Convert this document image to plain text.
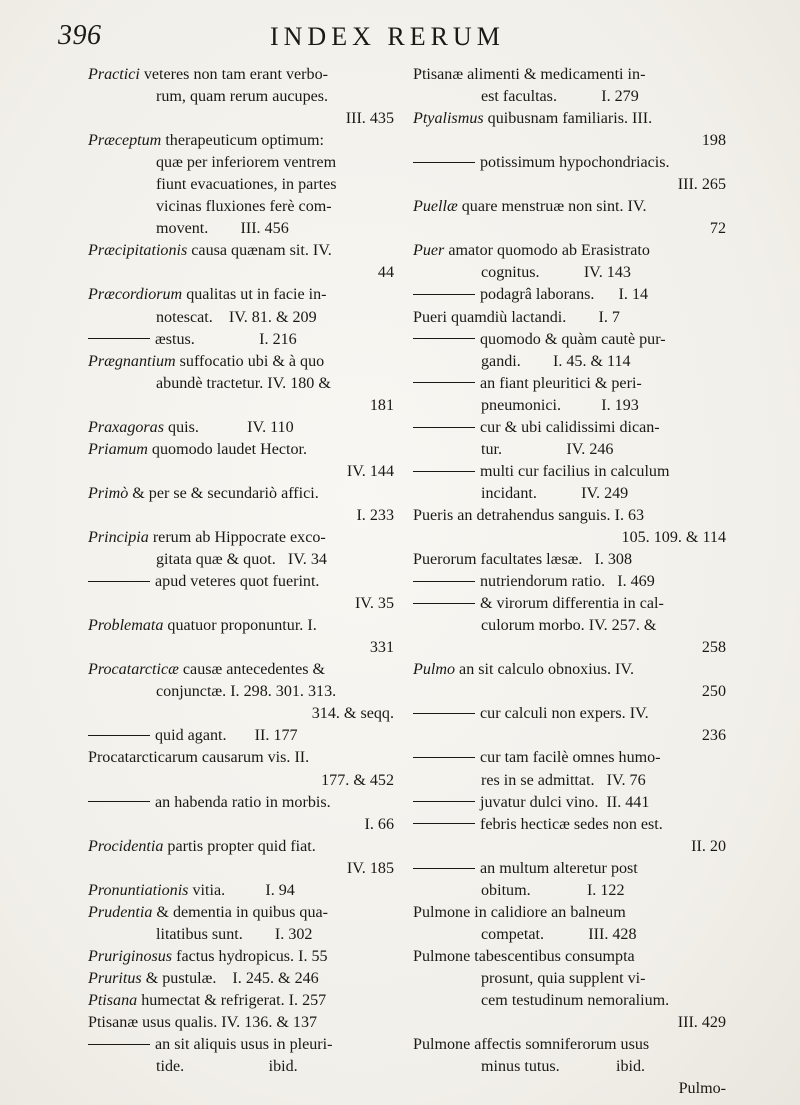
396	INDEX RERUM
Practici veteres non tam erant verbo-
rum, quam rerum aucupes.
III. 435
Præceptum therapeuticum optimum:
quæ per inferiorem ventrem
fiunt evacuationes, in partes
vicinas fluxiones ferè com-
movent.        III. 456
Præcipitationis causa quænam sit. IV.
44
Præcordiorum qualitas ut in facie in-
notescat.    IV. 81. & 209
æstus.                I. 216
Prægnantium suffocatio ubi & à quo
abundè tractetur. IV. 180 &
181
Praxagoras quis.            IV. 110
Priamum quomodo laudet Hector.
IV. 144
Primò & per se & secundariò affici.
I. 233
Principia rerum ab Hippocrate exco-
gitata quæ & quot.   IV. 34
apud veteres quot fuerint.
IV. 35
Problemata quatuor proponuntur. I.
331
Procatarcticæ causæ antecedentes &
conjunctæ. I. 298. 301. 313.
314. & seqq.
quid agant.       II. 177
Procatarcticarum causarum vis. II.
177. & 452
an habenda ratio in morbis.
I. 66
Procidentia partis propter quid fiat.
IV. 185
Pronuntiationis vitia.          I. 94
Prudentia & dementia in quibus qua-
litatibus sunt.        I. 302
Pruriginosus factus hydropicus. I. 55
Pruritus & pustulæ.    I. 245. & 246
Ptisana humectat & refrigerat. I. 257
Ptisanæ usus qualis. IV. 136. & 137
an sit aliquis usus in pleuri-
tide.                     ibid.
Ptisanæ alimenti & medicamenti in-
est facultas.           I. 279
Ptyalismus quibusnam familiaris. III.
198
potissimum hypochondriacis.
III. 265
Puellæ quare menstruæ non sint. IV.
72
Puer amator quomodo ab Erasistrato
cognitus.           IV. 143
podagrâ laborans.      I. 14
Pueri quamdiù lactandi.        I. 7
quomodo & quàm cautè pur-
gandi.        I. 45. & 114
an fiant pleuritici & peri-
pneumonici.          I. 193
cur & ubi calidissimi dican-
tur.                IV. 246
multi cur facilius in calculum
incidant.           IV. 249
Pueris an detrahendus sanguis. I. 63
105. 109. & 114
Puerorum facultates læsæ.   I. 308
nutriendorum ratio.   I. 469
& virorum differentia in cal-
culorum morbo. IV. 257. &
258
Pulmo an sit calculo obnoxius. IV.
250
cur calculi non expers. IV.
236
cur tam facilè omnes humo-
res in se admittat.   IV. 76
juvatur dulci vino.  II. 441
febris hecticæ sedes non est.
II. 20
an multum alteretur post
obitum.              I. 122
Pulmone in calidiore an balneum
competat.           III. 428
Pulmone tabescentibus consumpta
prosunt, quia supplent vi-
cem testudinum nemoralium.
III. 429
Pulmone affectis somniferorum usus
minus tutus.              ibid.
Pulmo-
